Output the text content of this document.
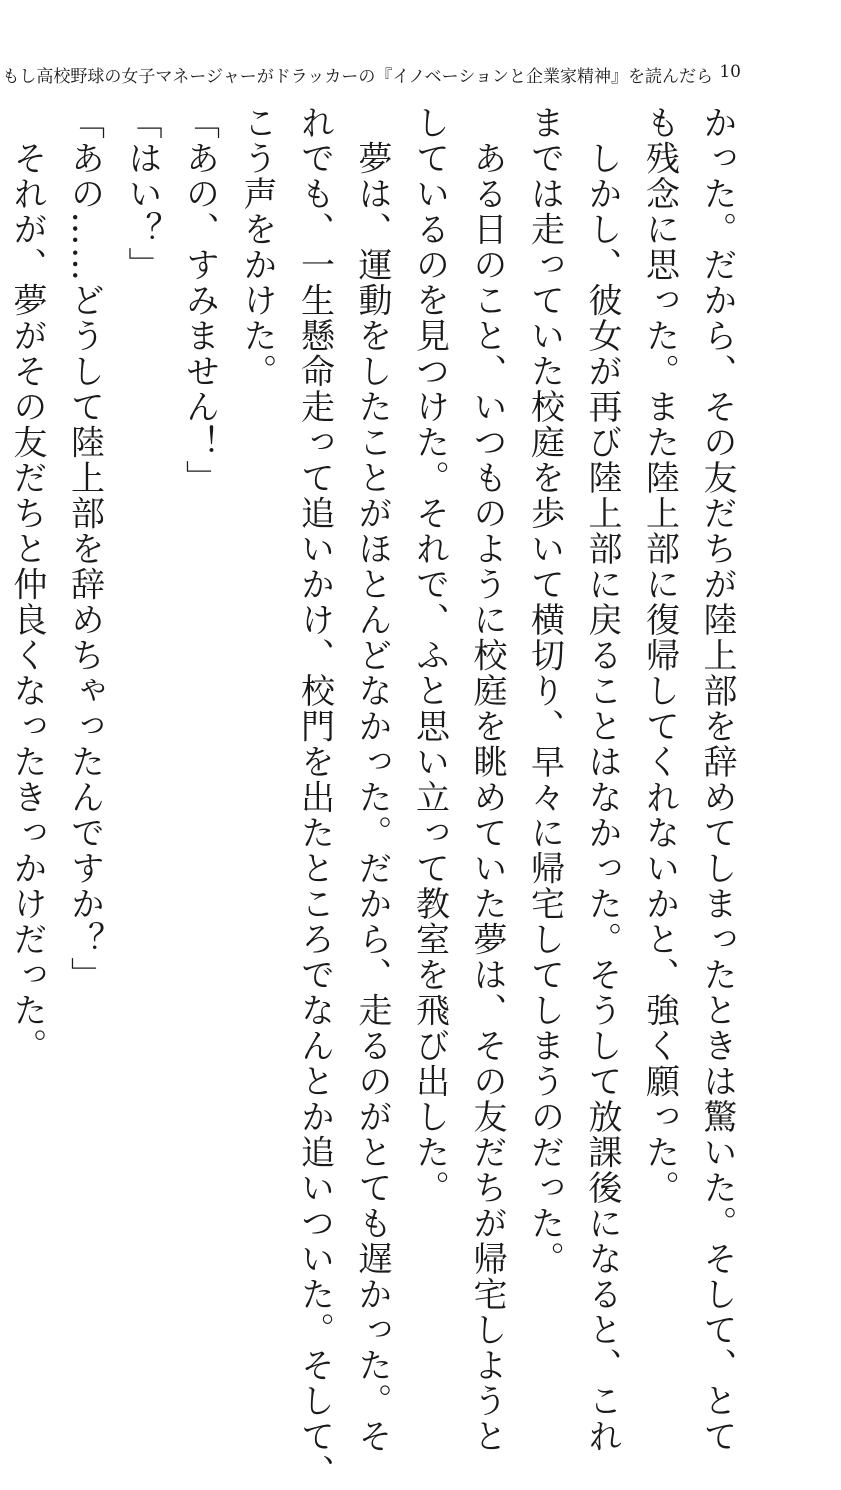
もし高校野球の女子マネージャーがドラッカーの『イノベーションと企業家精神』を読んだら 10
かった。だから、その友だちが陸上部を辞めてしまったときは驚いた。そして、とて
も残念に思った。また陸上部に復帰してくれないかと、強く願った。
　しかし、彼女が再び陸上部に戻ることはなかった。そうして放課後になると、これ
までは走っていた校庭を歩いて横切り、早々に帰宅してしまうのだった。
　ある日のこと、いつものように校庭を眺めていた夢は、その友だちが帰宅しようと
しているのを見つけた。それで、ふと思い立って教室を飛び出した。
　夢は、運動をしたことがほとんどなかった。だから、走るのがとても遅かった。そ
れでも、一生懸命走って追いかけ、校門を出たところでなんとか追いついた。そして、
こう声をかけた。
「あの、すみません！」
「はい？」
「あの……どうして陸上部を辞めちゃったんですか？」
　それが、夢がその友だちと仲良くなったきっかけだった。
